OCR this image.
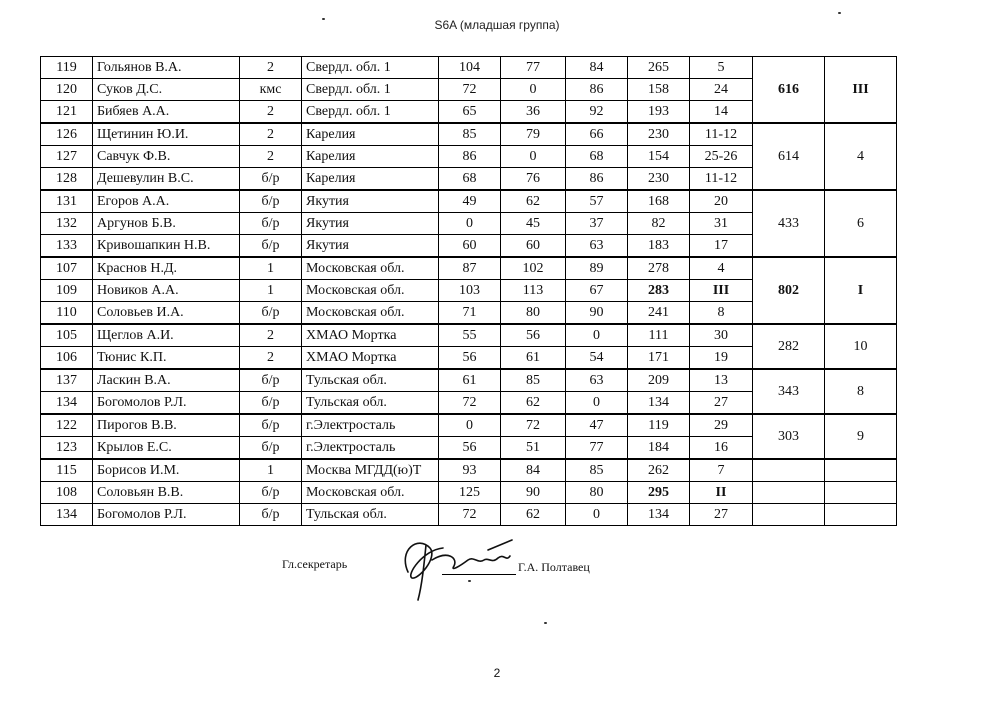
S6A (младшая группа)
119	Гольянов В.А.	2	Свердл. обл. 1	104	77	84	265	5	616	III
120	Суков Д.С.	кмс	Свердл. обл. 1	72	0	86	158	24		
121	Бибяев А.А.	2	Свердл. обл. 1	65	36	92	193	14		
126	Щетинин Ю.И.	2	Карелия	85	79	66	230	11-12	614	4
127	Савчук Ф.В.	2	Карелия	86	0	68	154	25-26		
128	Дешевулин В.С.	б/р	Карелия	68	76	86	230	11-12		
131	Егоров А.А.	б/р	Якутия	49	62	57	168	20	433	6
132	Аргунов Б.В.	б/р	Якутия	0	45	37	82	31		
133	Кривошапкин Н.В.	б/р	Якутия	60	60	63	183	17		
107	Краснов Н.Д.	1	Московская обл.	87	102	89	278	4	802	I
109	Новиков А.А.	1	Московская обл.	103	113	67	283	III		
110	Соловьев И.А.	б/р	Московская обл.	71	80	90	241	8		
105	Щеглов А.И.	2	ХМАО Мортка	55	56	0	111	30	282	10
106	Тюнис К.П.	2	ХМАО Мортка	56	61	54	171	19		
137	Ласкин В.А.	б/р	Тульская обл.	61	85	63	209	13	343	8
134	Богомолов Р.Л.	б/р	Тульская обл.	72	62	0	134	27		
122	Пирогов В.В.	б/р	г.Электросталь	0	72	47	119	29	303	9
123	Крылов Е.С.	б/р	г.Электросталь	56	51	77	184	16		
115	Борисов И.М.	1	Москва МГДД(ю)Т	93	84	85	262	7		
108	Соловьян В.В.	б/р	Московская обл.	125	90	80	295	II		
134	Богомолов Р.Л.	б/р	Тульская обл.	72	62	0	134	27		
Гл.секретарь	Г.А. Полтавец
2
